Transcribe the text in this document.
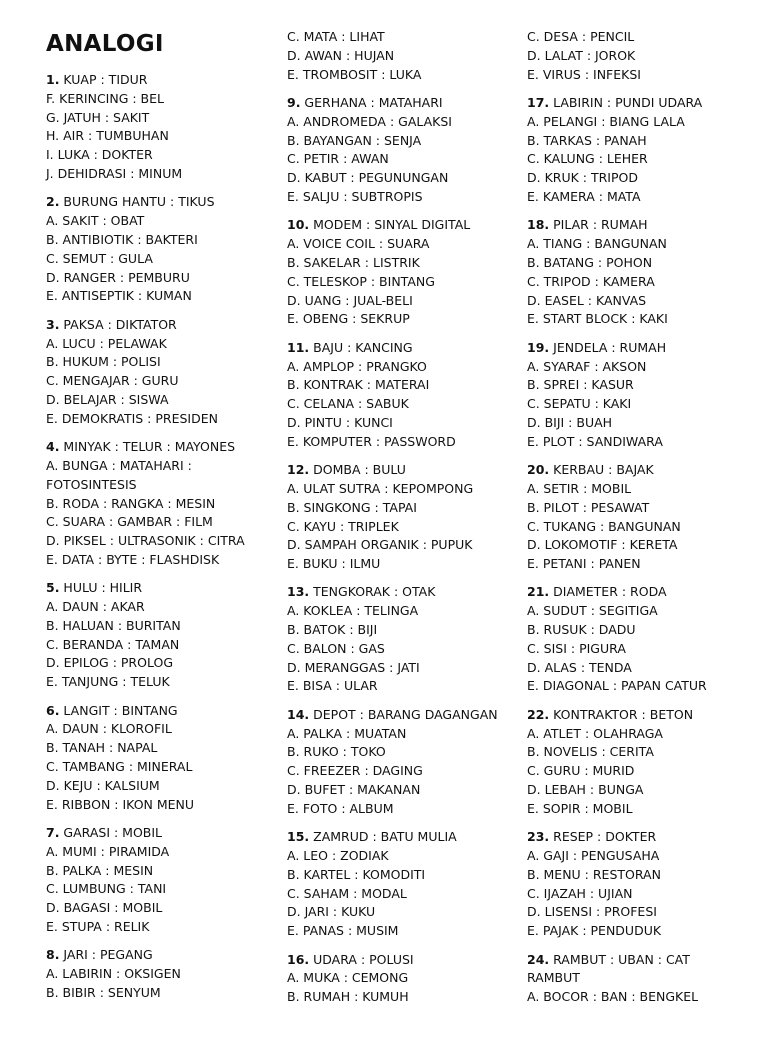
ANALOGI
1. KUAP : TIDUR
F. KERINCING : BEL
G. JATUH : SAKIT
H. AIR : TUMBUHAN
I. LUKA : DOKTER
J. DEHIDRASI : MINUM
2. BURUNG HANTU : TIKUS
A. SAKIT : OBAT
B. ANTIBIOTIK : BAKTERI
C. SEMUT : GULA
D. RANGER : PEMBURU
E. ANTISEPTIK : KUMAN
3. PAKSA : DIKTATOR
A. LUCU : PELAWAK
B. HUKUM : POLISI
C. MENGAJAR : GURU
D. BELAJAR : SISWA
E. DEMOKRATIS : PRESIDEN
4. MINYAK : TELUR : MAYONES
A. BUNGA : MATAHARI :
FOTOSINTESIS
B. RODA : RANGKA : MESIN
C. SUARA : GAMBAR : FILM
D. PIKSEL : ULTRASONIK : CITRA
E. DATA : BYTE : FLASHDISK
5. HULU : HILIR
A. DAUN : AKAR
B. HALUAN : BURITAN
C. BERANDA : TAMAN
D. EPILOG : PROLOG
E. TANJUNG : TELUK
6. LANGIT : BINTANG
A. DAUN : KLOROFIL
B. TANAH : NAPAL
C. TAMBANG : MINERAL
D. KEJU : KALSIUM
E. RIBBON : IKON MENU
7. GARASI : MOBIL
A. MUMI : PIRAMIDA
B. PALKA : MESIN
C. LUMBUNG : TANI
D. BAGASI : MOBIL
E. STUPA : RELIK
8. JARI : PEGANG
A. LABIRIN : OKSIGEN
B. BIBIR : SENYUM
C. MATA : LIHAT
D. AWAN : HUJAN
E. TROMBOSIT : LUKA
9. GERHANA : MATAHARI
A. ANDROMEDA : GALAKSI
B. BAYANGAN : SENJA
C. PETIR : AWAN
D. KABUT : PEGUNUNGAN
E. SALJU : SUBTROPIS
10. MODEM : SINYAL DIGITAL
A. VOICE COIL : SUARA
B. SAKELAR : LISTRIK
C. TELESKOP : BINTANG
D. UANG : JUAL-BELI
E. OBENG : SEKRUP
11. BAJU : KANCING
A. AMPLOP : PRANGKO
B. KONTRAK : MATERAI
C. CELANA : SABUK
D. PINTU : KUNCI
E. KOMPUTER : PASSWORD
12. DOMBA : BULU
A. ULAT SUTRA : KEPOMPONG
B. SINGKONG : TAPAI
C. KAYU : TRIPLEK
D. SAMPAH ORGANIK : PUPUK
E. BUKU : ILMU
13. TENGKORAK : OTAK
A. KOKLEA : TELINGA
B. BATOK : BIJI
C. BALON : GAS
D. MERANGGAS : JATI
E. BISA : ULAR
14. DEPOT : BARANG DAGANGAN
A. PALKA : MUATAN
B. RUKO : TOKO
C. FREEZER : DAGING
D. BUFET : MAKANAN
E. FOTO : ALBUM
15. ZAMRUD : BATU MULIA
A. LEO : ZODIAK
B. KARTEL : KOMODITI
C. SAHAM : MODAL
D. JARI : KUKU
E. PANAS : MUSIM
16. UDARA : POLUSI
A. MUKA : CEMONG
B. RUMAH : KUMUH
C. DESA : PENCIL
D. LALAT : JOROK
E. VIRUS : INFEKSI
17. LABIRIN : PUNDI UDARA
A. PELANGI : BIANG LALA
B. TARKAS : PANAH
C. KALUNG : LEHER
D. KRUK : TRIPOD
E. KAMERA : MATA
18. PILAR : RUMAH
A. TIANG : BANGUNAN
B. BATANG : POHON
C. TRIPOD : KAMERA
D. EASEL : KANVAS
E. START BLOCK : KAKI
19. JENDELA : RUMAH
A. SYARAF : AKSON
B. SPREI : KASUR
C. SEPATU : KAKI
D. BIJI : BUAH
E. PLOT : SANDIWARA
20. KERBAU : BAJAK
A. SETIR : MOBIL
B. PILOT : PESAWAT
C. TUKANG : BANGUNAN
D. LOKOMOTIF : KERETA
E. PETANI : PANEN
21. DIAMETER : RODA
A. SUDUT : SEGITIGA
B. RUSUK : DADU
C. SISI : PIGURA
D. ALAS : TENDA
E. DIAGONAL : PAPAN CATUR
22. KONTRAKTOR : BETON
A. ATLET : OLAHRAGA
B. NOVELIS : CERITA
C. GURU : MURID
D. LEBAH : BUNGA
E. SOPIR : MOBIL
23. RESEP : DOKTER
A. GAJI : PENGUSAHA
B. MENU : RESTORAN
C. IJAZAH : UJIAN
D. LISENSI : PROFESI
E. PAJAK : PENDUDUK
24. RAMBUT : UBAN : CAT
RAMBUT
A. BOCOR : BAN : BENGKEL
